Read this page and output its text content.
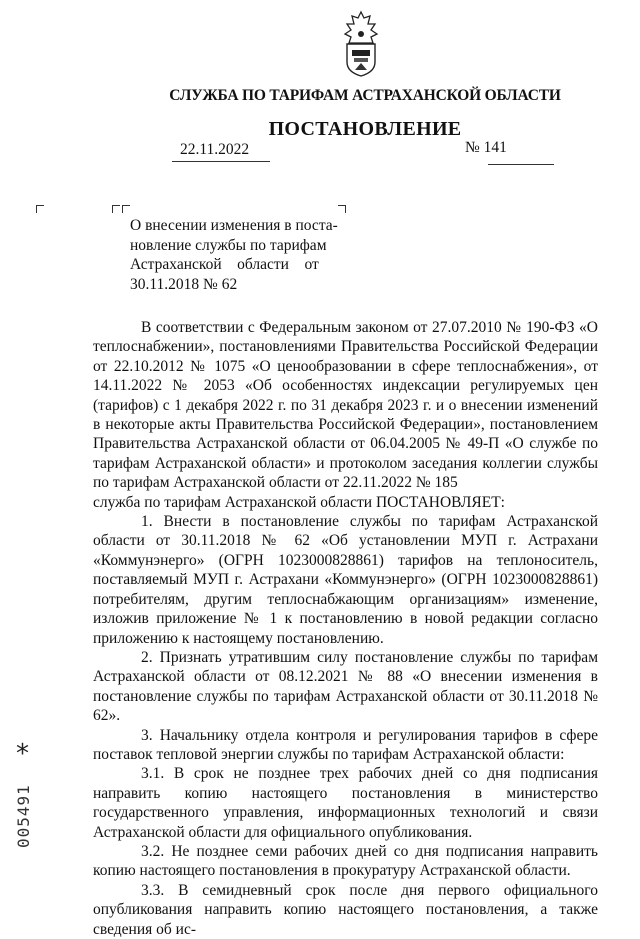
СЛУЖБА ПО ТАРИФАМ АСТРАХАНСКОЙ ОБЛАСТИ
ПОСТАНОВЛЕНИЕ
22.11.2022	№ 141
О внесении изменения в поста-
новление службы по тарифам
Астраханской    области    от
30.11.2018 № 62

В соответствии с Федеральным законом от 27.07.2010 № 190-ФЗ «О теплоснабжении», постановлениями Правительства Российской Федерации от 22.10.2012 № 1075 «О ценообразовании в сфере теплоснабжения», от 14.11.2022 № 2053 «Об особенностях индексации регулируемых цен (тарифов) с 1 декабря 2022 г. по 31 декабря 2023 г. и о внесении изменений в некоторые акты Правительства Российской Федерации», постановлением Правительства Астраханской области от 06.04.2005 № 49-П «О службе по тарифам Астраханской области» и протоколом заседания коллегии службы по тарифам Астраханской области от 22.11.2022 № 185

служба по тарифам Астраханской области ПОСТАНОВЛЯЕТ:

1. Внести в постановление службы по тарифам Астраханской области от 30.11.2018 № 62 «Об установлении МУП г. Астрахани «Коммунэнерго» (ОГРН 1023000828861) тарифов на теплоноситель, поставляемый МУП г. Астрахани «Коммунэнерго» (ОГРН 1023000828861) потребителям, другим теплоснабжающим организациям» изменение, изложив приложение № 1 к постановлению в новой редакции согласно приложению к настоящему постановлению.

2. Признать утратившим силу постановление службы по тарифам Астраханской области от 08.12.2021 № 88 «О внесении изменения в постановление службы по тарифам Астраханской области от 30.11.2018 № 62».

3. Начальнику отдела контроля и регулирования тарифов в сфере поставок тепловой энергии службы по тарифам Астраханской области:

3.1. В срок не позднее трех рабочих дней со дня подписания направить копию настоящего постановления в министерство государственного управления, информационных технологий и связи Астраханской области для официального опубликования.

3.2. Не позднее семи рабочих дней со дня подписания направить копию настоящего постановления в прокуратуру Астраханской области.

3.3. В семидневный срок после дня первого официального опубликования направить копию настоящего постановления, а также сведения об ис-

*
005491
